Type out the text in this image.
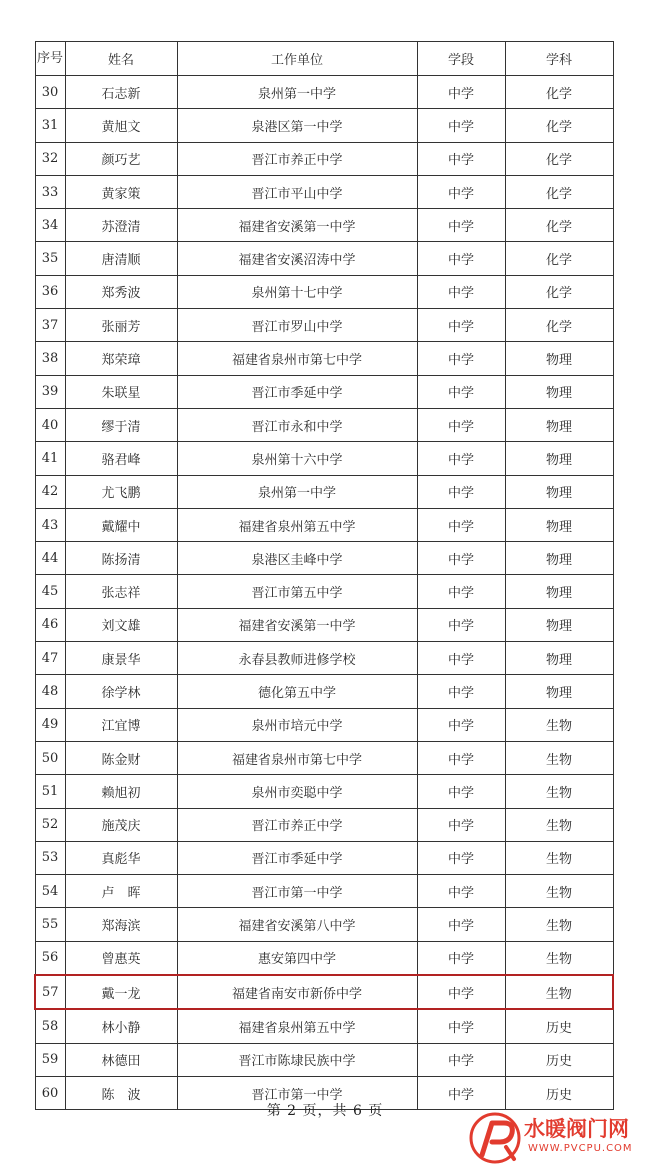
序号	姓名	工作单位	学段	学科
30	石志新	泉州第一中学	中学	化学
31	黄旭文	泉港区第一中学	中学	化学
32	颜巧艺	晋江市养正中学	中学	化学
33	黄家策	晋江市平山中学	中学	化学
34	苏澄清	福建省安溪第一中学	中学	化学
35	唐清顺	福建省安溪沼涛中学	中学	化学
36	郑秀波	泉州第十七中学	中学	化学
37	张丽芳	晋江市罗山中学	中学	化学
38	郑荣璋	福建省泉州市第七中学	中学	物理
39	朱联星	晋江市季延中学	中学	物理
40	缪于清	晋江市永和中学	中学	物理
41	骆君峰	泉州第十六中学	中学	物理
42	尤飞鹏	泉州第一中学	中学	物理
43	戴耀中	福建省泉州第五中学	中学	物理
44	陈扬清	泉港区圭峰中学	中学	物理
45	张志祥	晋江市第五中学	中学	物理
46	刘文雄	福建省安溪第一中学	中学	物理
47	康景华	永春县教师进修学校	中学	物理
48	徐学林	德化第五中学	中学	物理
49	江宜博	泉州市培元中学	中学	生物
50	陈金财	福建省泉州市第七中学	中学	生物
51	赖旭初	泉州市奕聪中学	中学	生物
52	施茂庆	晋江市养正中学	中学	生物
53	真彪华	晋江市季延中学	中学	生物
54	卢　晖	晋江市第一中学	中学	生物
55	郑海滨	福建省安溪第八中学	中学	生物
56	曾惠英	惠安第四中学	中学	生物
57	戴一龙	福建省南安市新侨中学	中学	生物
58	林小静	福建省泉州第五中学	中学	历史
59	林德田	晋江市陈埭民族中学	中学	历史
60	陈　波	晋江市第一中学	中学	历史
第 2 页，共 6 页
水暖阀门网
WWW.PVCPU.COM
